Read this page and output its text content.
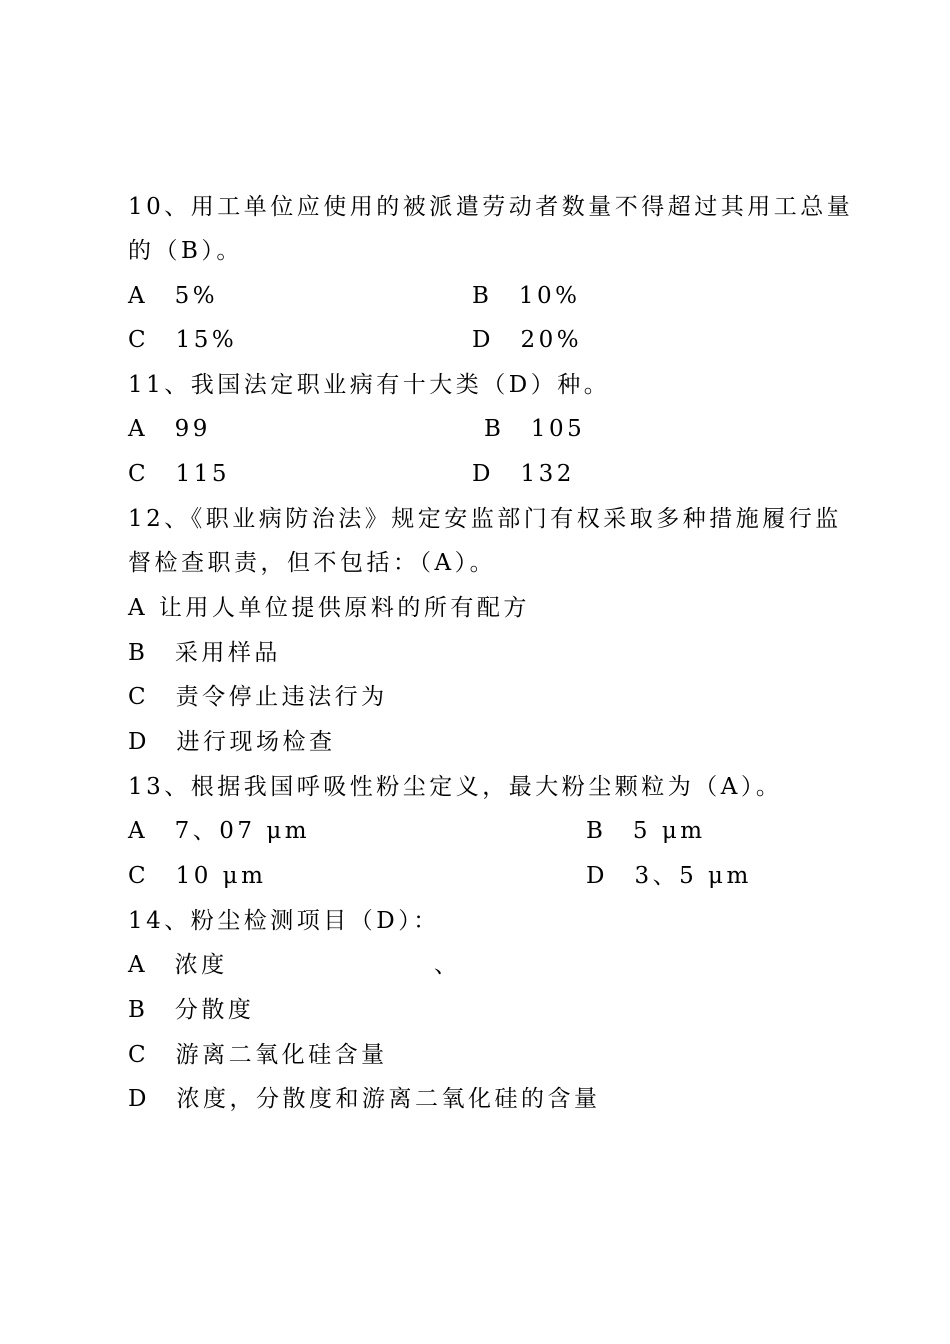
10、用工单位应使用的被派遣劳动者数量不得超过其用工总量
的（B）。
A　5%	B　10%
C　15%	D　20%
11、我国法定职业病有十大类（D）种。
A　99	B　105
C　115	D　132
12、《职业病防治法》规定安监部门有权采取多种措施履行监
督检查职责，但不包括：（A）。
A 让用人单位提供原料的所有配方
B　采用样品
C　责令停止违法行为
D　进行现场检查
13、根据我国呼吸性粉尘定义，最大粉尘颗粒为（A）。
A　7、07 μm	B　5 μm
C　10 μm	D　3、5 μm
14、粉尘检测项目（D）：
A　浓度	、
B　分散度
C　游离二氧化硅含量
D　浓度，分散度和游离二氧化硅的含量
